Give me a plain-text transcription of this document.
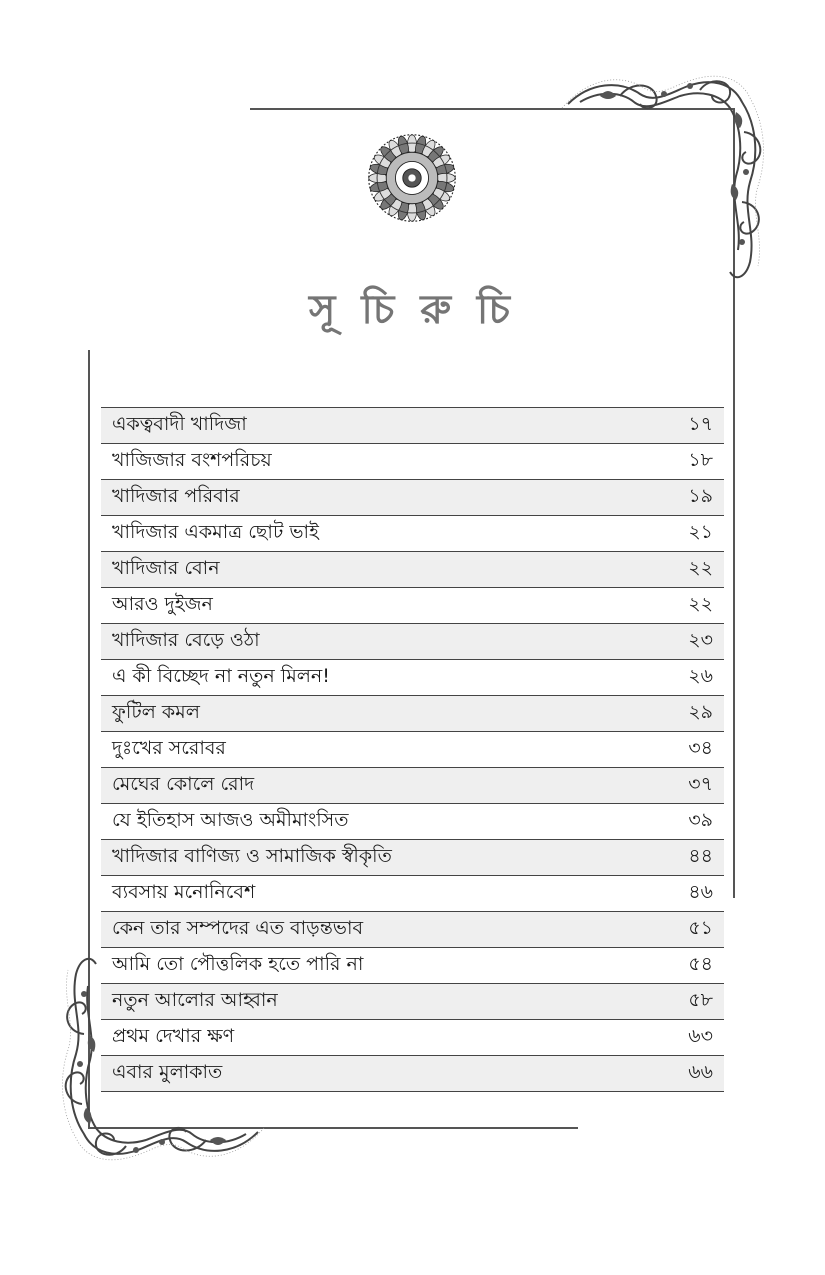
সূ চি রু চি
একত্ববাদী খাদিজা	১৭
খাজিজার বংশপরিচয়	১৮
খাদিজার পরিবার	১৯
খাদিজার একমাত্র ছোট ভাই	২১
খাদিজার বোন	২২
আরও দুইজন	২২
খাদিজার বেড়ে ওঠা	২৩
এ কী বিচ্ছেদ না নতুন মিলন!	২৬
ফুটিল কমল	২৯
দুঃখের সরোবর	৩৪
মেঘের কোলে রোদ	৩৭
যে ইতিহাস আজও অমীমাংসিত	৩৯
খাদিজার বাণিজ্য ও সামাজিক স্বীকৃতি	৪৪
ব্যবসায় মনোনিবেশ	৪৬
কেন তার সম্পদের এত বাড়ন্তভাব	৫১
আমি তো পৌত্তলিক হতে পারি না	৫৪
নতুন আলোর আহ্বান	৫৮
প্রথম দেখার ক্ষণ	৬৩
এবার মুলাকাত	৬৬
